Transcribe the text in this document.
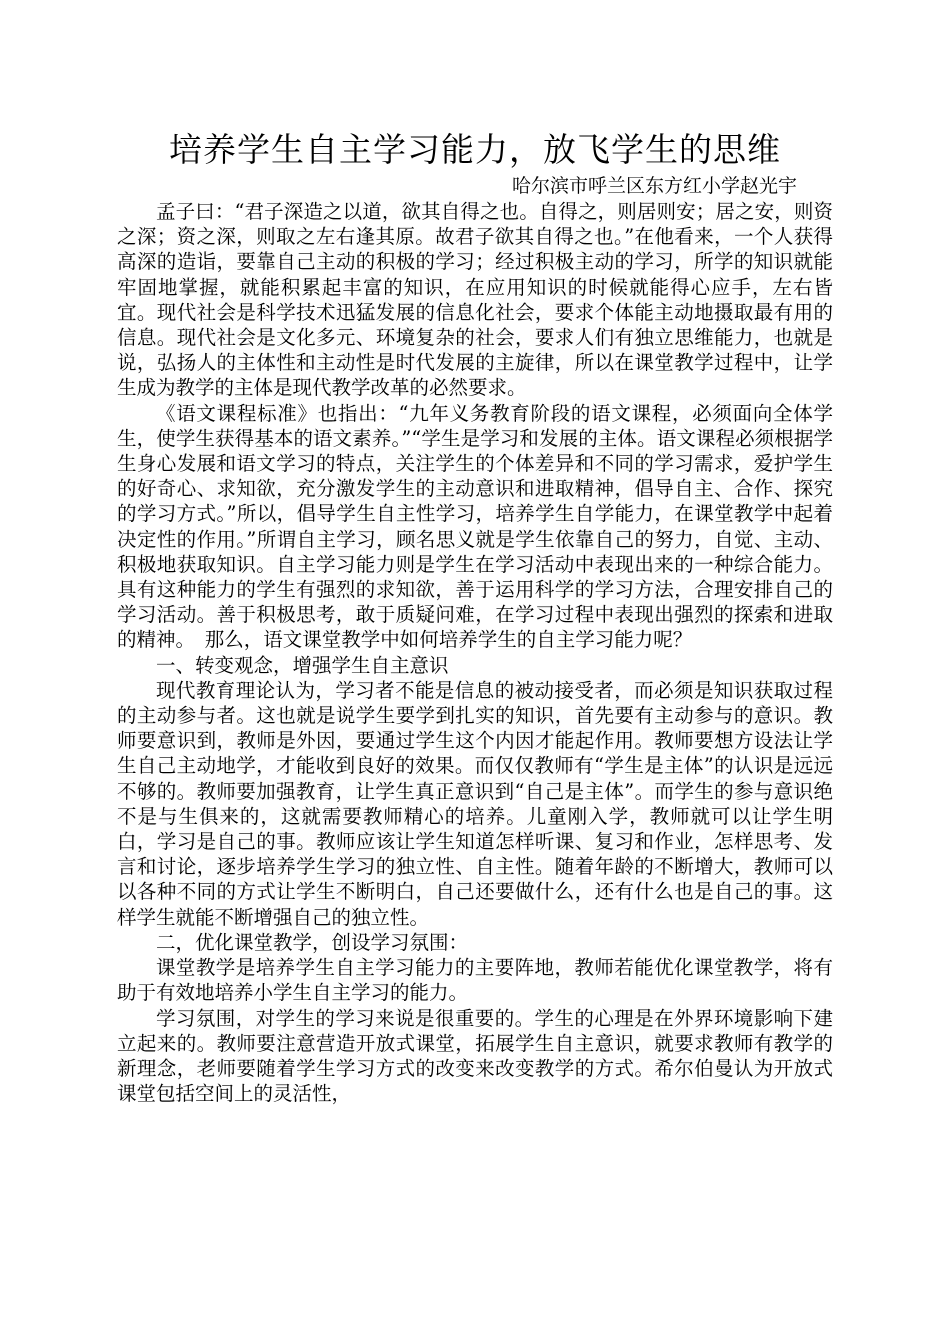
培养学生自主学习能力，放飞学生的思维
哈尔滨市呼兰区东方红小学赵光宇

孟子曰：“君子深造之以道，欲其自得之也。自得之，则居则安；居之安，则资之深；资之深，则取之左右逢其原。故君子欲其自得之也。”在他看来，一个人获得高深的造诣，要靠自己主动的积极的学习；经过积极主动的学习，所学的知识就能牢固地掌握，就能积累起丰富的知识，在应用知识的时候就能得心应手，左右皆宜。现代社会是科学技术迅猛发展的信息化社会，要求个体能主动地摄取最有用的信息。现代社会是文化多元、环境复杂的社会，要求人们有独立思维能力，也就是说，弘扬人的主体性和主动性是时代发展的主旋律，所以在课堂教学过程中，让学生成为教学的主体是现代教学改革的必然要求。

《语文课程标准》也指出：“九年义务教育阶段的语文课程，必须面向全体学生，使学生获得基本的语文素养。”“学生是学习和发展的主体。语文课程必须根据学生身心发展和语文学习的特点，关注学生的个体差异和不同的学习需求，爱护学生的好奇心、求知欲，充分激发学生的主动意识和进取精神，倡导自主、合作、探究的学习方式。”所以，倡导学生自主性学习，培养学生自学能力，在课堂教学中起着决定性的作用。”所谓自主学习，顾名思义就是学生依靠自己的努力，自觉、主动、积极地获取知识。自主学习能力则是学生在学习活动中表现出来的一种综合能力。具有这种能力的学生有强烈的求知欲，善于运用科学的学习方法，合理安排自己的学习活动。善于积极思考，敢于质疑问难，在学习过程中表现出强烈的探索和进取的精神。　那么，语文课堂教学中如何培养学生的自主学习能力呢？

一、转变观念，增强学生自主意识

现代教育理论认为，学习者不能是信息的被动接受者，而必须是知识获取过程的主动参与者。这也就是说学生要学到扎实的知识，首先要有主动参与的意识。教师要意识到，教师是外因，要通过学生这个内因才能起作用。教师要想方设法让学生自己主动地学，才能收到良好的效果。而仅仅教师有“学生是主体”的认识是远远不够的。教师要加强教育，让学生真正意识到“自己是主体”。而学生的参与意识绝不是与生俱来的，这就需要教师精心的培养。儿童刚入学，教师就可以让学生明白，学习是自己的事。教师应该让学生知道怎样听课、复习和作业，怎样思考、发言和讨论，逐步培养学生学习的独立性、自主性。随着年龄的不断增大，教师可以以各种不同的方式让学生不断明白，自己还要做什么，还有什么也是自己的事。这样学生就能不断增强自己的独立性。

二，优化课堂教学，创设学习氛围：

课堂教学是培养学生自主学习能力的主要阵地，教师若能优化课堂教学，将有助于有效地培养小学生自主学习的能力。

学习氛围，对学生的学习来说是很重要的。学生的心理是在外界环境影响下建立起来的。教师要注意营造开放式课堂，拓展学生自主意识，就要求教师有教学的新理念，老师要随着学生学习方式的改变来改变教学的方式。希尔伯曼认为开放式课堂包括空间上的灵活性，
